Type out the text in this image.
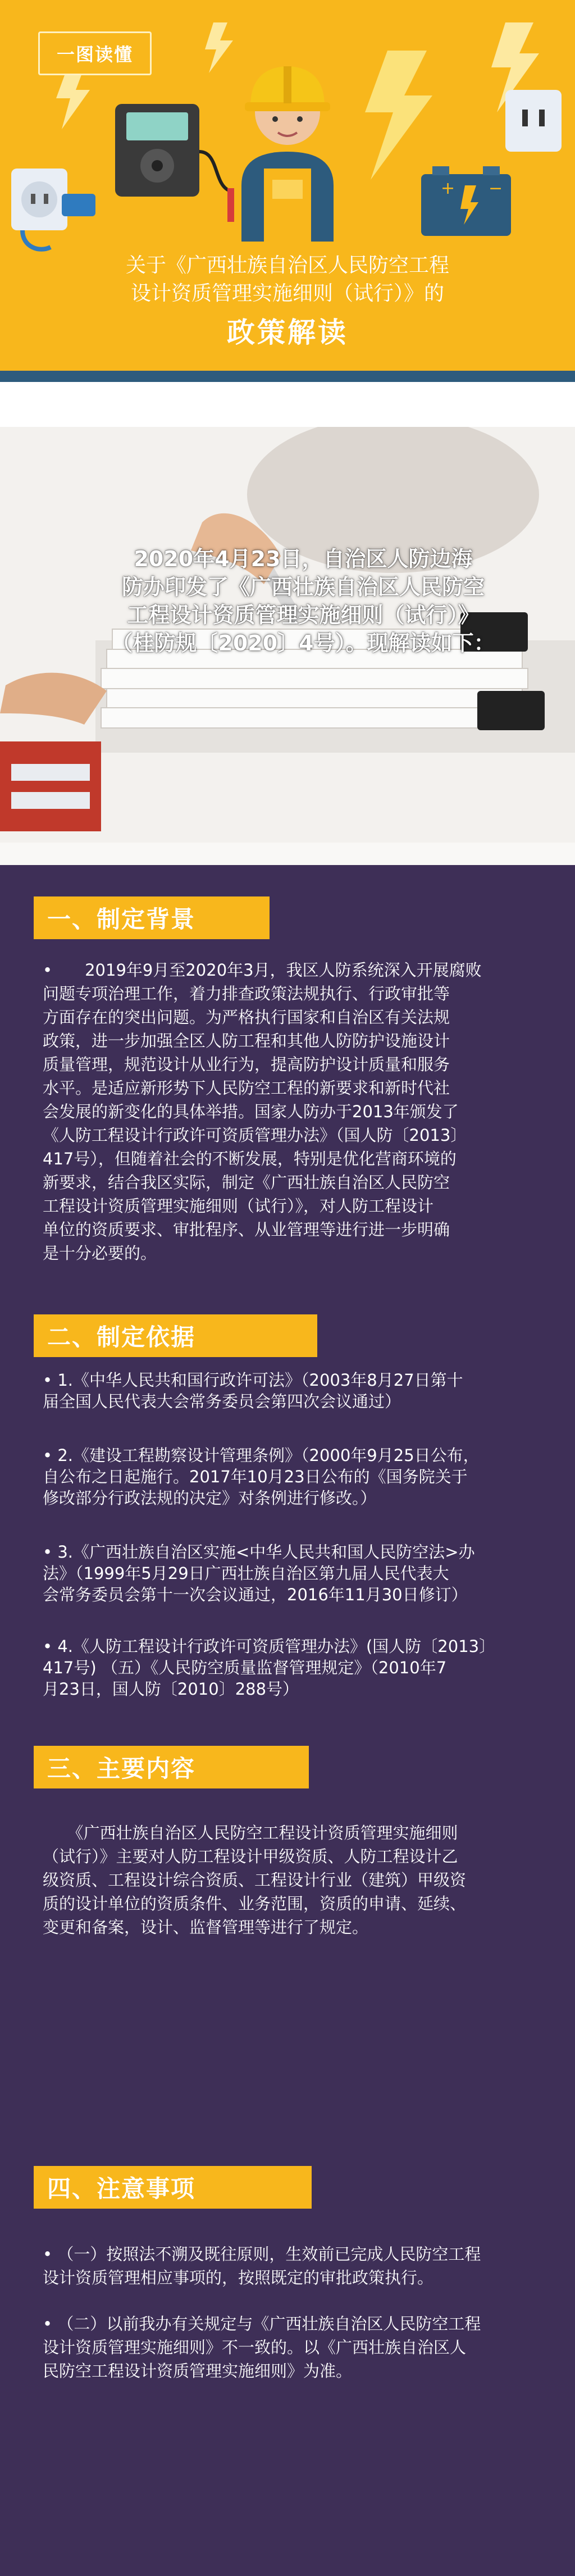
+ −
一图读懂
关于《广西壮族自治区人民防空工程
设计资质管理实施细则（试行）》的
政策解读
2020年4月23日，自治区人防边海
防办印发了《广西壮族自治区人民防空
工程设计资质管理实施细则（试行）》
（桂防规〔2020〕4号）。现解读如下：
一、制定背景
•　　2019年9月至2020年3月，我区人防系统深入开展腐败
问题专项治理工作，着力排查政策法规执行、行政审批等
方面存在的突出问题。为严格执行国家和自治区有关法规
政策，进一步加强全区人防工程和其他人防防护设施设计
质量管理，规范设计从业行为，提高防护设计质量和服务
水平。是适应新形势下人民防空工程的新要求和新时代社
会发展的新变化的具体举措。国家人防办于2013年颁发了
《人防工程设计行政许可资质管理办法》（国人防〔2013〕
417号），但随着社会的不断发展，特别是优化营商环境的
新要求，结合我区实际，制定《广西壮族自治区人民防空
工程设计资质管理实施细则（试行）》，对人防工程设计
单位的资质要求、审批程序、从业管理等进行进一步明确
是十分必要的。
二、制定依据
• 1.《中华人民共和国行政许可法》（2003年8月27日第十
届全国人民代表大会常务委员会第四次会议通过）
• 2.《建设工程勘察设计管理条例》（2000年9月25日公布，
自公布之日起施行。2017年10月23日公布的《国务院关于
修改部分行政法规的决定》对条例进行修改。）
• 3.《广西壮族自治区实施<中华人民共和国人民防空法>办
法》（1999年5月29日广西壮族自治区第九届人民代表大
会常务委员会第十一次会议通过，2016年11月30日修订）
• 4.《人防工程设计行政许可资质管理办法》(国人防〔2013〕
417号) （五）《人民防空质量监督管理规定》（2010年7
月23日，国人防〔2010〕288号）
三、主要内容
　　《广西壮族自治区人民防空工程设计资质管理实施细则
（试行）》主要对人防工程设计甲级资质、人防工程设计乙
级资质、工程设计综合资质、工程设计行业（建筑）甲级资
质的设计单位的资质条件、业务范围，资质的申请、延续、
变更和备案，设计、监督管理等进行了规定。
四、注意事项
• （一）按照法不溯及既往原则，生效前已完成人民防空工程
设计资质管理相应事项的，按照既定的审批政策执行。
• （二）以前我办有关规定与《广西壮族自治区人民防空工程
设计资质管理实施细则》不一致的。以《广西壮族自治区人
民防空工程设计资质管理实施细则》为准。
